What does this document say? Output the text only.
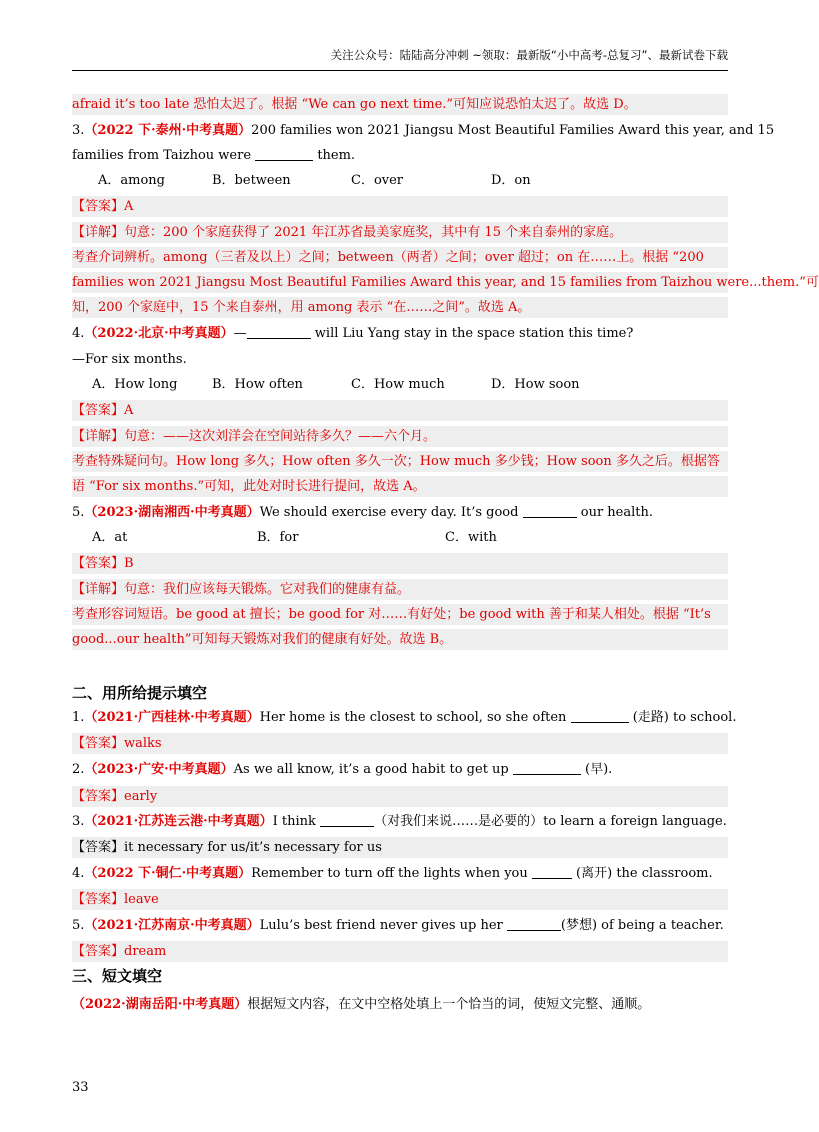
关注公众号：陆陆高分冲刺 ~领取：最新版“小中高考-总复习”、最新试卷下载
afraid it’s too late 恐怕太迟了。根据 “We can go next time.”可知应说恐怕太迟了。故选 D。
3.（2022 下·泰州·中考真题）200 families won 2021 Jiangsu Most Beautiful Families Award this year, and 15
families from Taizhou were	them.
A．among	B．between	C．over	D．on
【答案】A
【详解】句意：200 个家庭获得了 2021 年江苏省最美家庭奖，其中有 15 个来自泰州的家庭。
考查介词辨析。among（三者及以上）之间；between（两者）之间；over 超过；on 在……上。根据 “200
families won 2021 Jiangsu Most Beautiful Families Award this year, and 15 families from Taizhou were...them.”可
知，200 个家庭中，15 个来自泰州，用 among 表示 “在……之间”。故选 A。
4.（2022·北京·中考真题）—	will Liu Yang stay in the space station this time?
—For six months.
A．How long	B．How often	C．How much	D．How soon
【答案】A
【详解】句意：——这次刘洋会在空间站待多久？——六个月。
考查特殊疑问句。How long 多久；How often 多久一次；How much 多少钱；How soon 多久之后。根据答
语 “For six months.”可知，此处对时长进行提问，故选 A。
5.（2023·湖南湘西·中考真题）We should exercise every day. It’s good	our health.
A．at	B．for	C．with
【答案】B
【详解】句意：我们应该每天锻炼。它对我们的健康有益。
考查形容词短语。be good at 擅长；be good for 对……有好处；be good with 善于和某人相处。根据 “It’s
good...our health”可知每天锻炼对我们的健康有好处。故选 B。
二、用所给提示填空
1.（2021·广西桂林·中考真题）Her home is the closest to school, so she often	(走路) to school.
【答案】walks
2.（2023·广安·中考真题）As we all know, it’s a good habit to get up	(早).
【答案】early
3.（2021·江苏连云港·中考真题）I think	（对我们来说……是必要的）to learn a foreign language.
【答案】it necessary for us/it’s necessary for us
4.（2022 下·铜仁·中考真题）Remember to turn off the lights when you	(离开) the classroom.
【答案】leave
5.（2021·江苏南京·中考真题）Lulu’s best friend never gives up her	(梦想) of being a teacher.
【答案】dream
三、短文填空
（2022·湖南岳阳·中考真题）根据短文内容，在文中空格处填上一个恰当的词，使短文完整、通顺。
33
